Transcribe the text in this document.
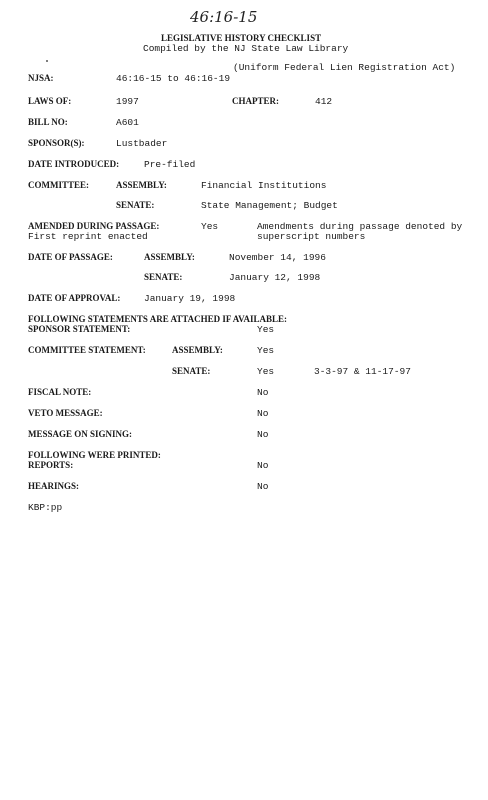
46:16-15
LEGISLATIVE HISTORY CHECKLIST
Compiled by the NJ State Law Library
(Uniform Federal Lien Registration Act)
NJSA:	46:16-15 to 46:16-19
LAWS OF:	1997	CHAPTER:	412
BILL NO:	A601
SPONSOR(S):	Lustbader
DATE INTRODUCED:	Pre-filed
COMMITTEE:	ASSEMBLY:	Financial Institutions
SENATE:	State Management; Budget
AMENDED DURING PASSAGE:	Yes	Amendments during passage denoted by
First reprint enacted	superscript numbers
DATE OF PASSAGE:	ASSEMBLY:	November 14, 1996
SENATE:	January 12, 1998
DATE OF APPROVAL: January 19, 1998
FOLLOWING STATEMENTS ARE ATTACHED IF AVAILABLE:
SPONSOR STATEMENT:	Yes
COMMITTEE STATEMENT:	ASSEMBLY:	Yes
SENATE:	Yes	3-3-97 & 11-17-97
FISCAL NOTE:	No
VETO MESSAGE:	No
MESSAGE ON SIGNING:	No
FOLLOWING WERE PRINTED:
REPORTS:	No
HEARINGS:	No
KBP:pp
